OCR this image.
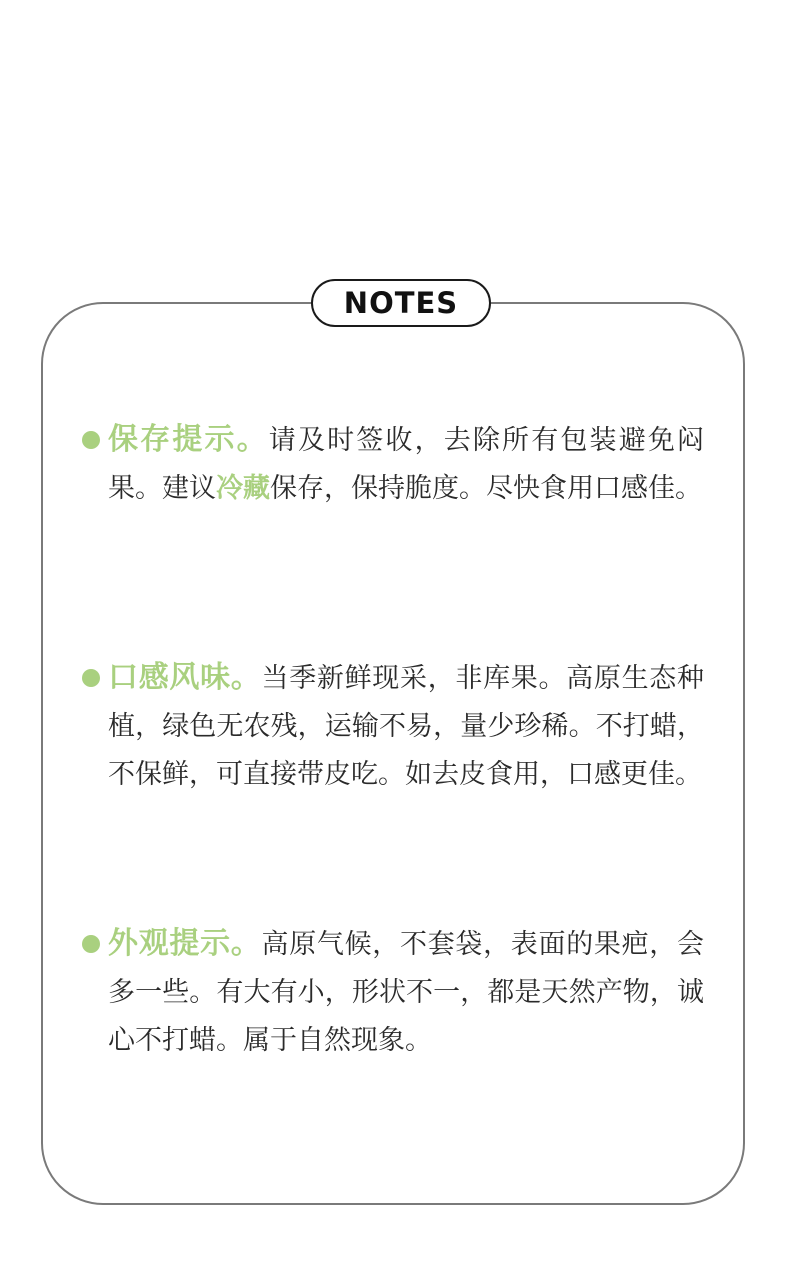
NOTES

保存提示。请及时签收，去除所有包装避免闷果。建议冷藏保存，保持脆度。尽快食用口感佳。

口感风味。当季新鲜现采，非库果。高原生态种植，绿色无农残，运输不易，量少珍稀。不打蜡，不保鲜，可直接带皮吃。如去皮食用，口感更佳。

外观提示。高原气候，不套袋，表面的果疤，会多一些。有大有小，形状不一，都是天然产物，诚心不打蜡。属于自然现象。
